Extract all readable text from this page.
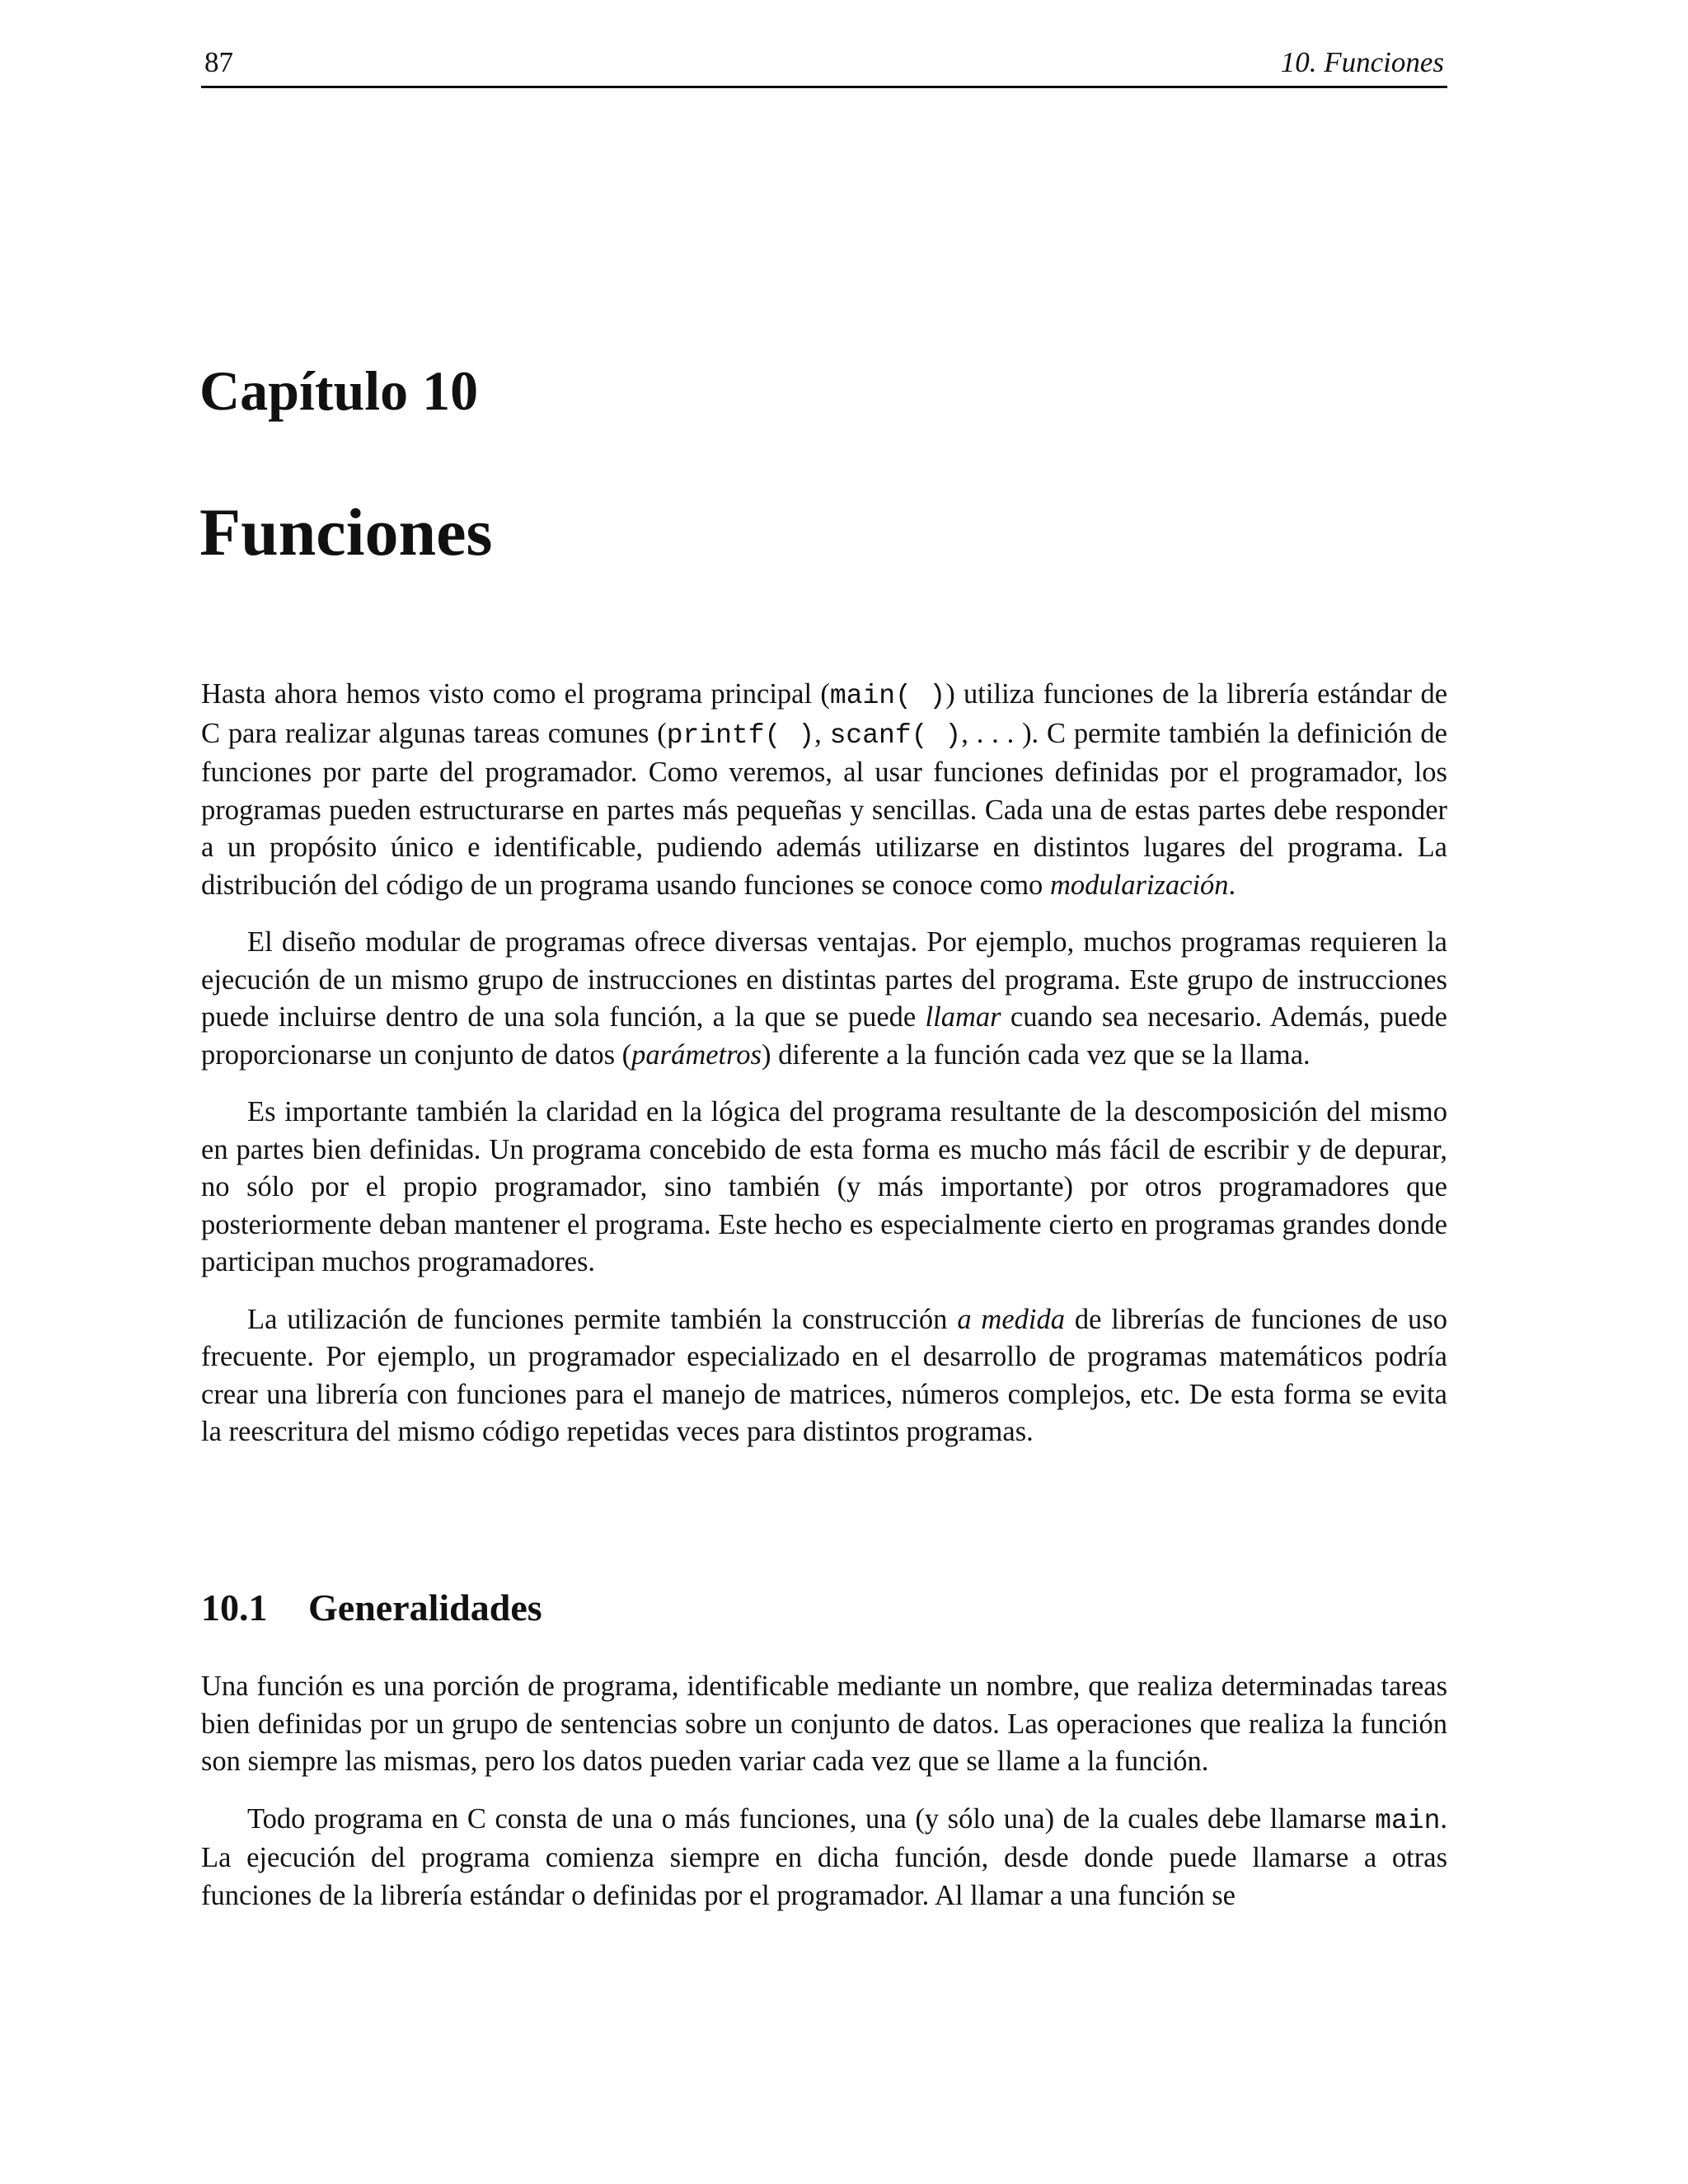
87	10. Funciones
Capítulo 10
Funciones

Hasta ahora hemos visto como el programa principal (main( )) utiliza funciones de la librería estándar de C para realizar algunas tareas comunes (printf( ), scanf( ), . . . ). C permite también la definición de funciones por parte del programador. Como veremos, al usar funciones definidas por el programador, los programas pueden estructurarse en partes más pequeñas y sencillas. Cada una de estas partes debe responder a un propósito único e identificable, pudiendo además utilizarse en distintos lugares del programa. La distribución del código de un programa usando funciones se conoce como modularización.

El diseño modular de programas ofrece diversas ventajas. Por ejemplo, muchos programas requieren la ejecución de un mismo grupo de instrucciones en distintas partes del programa. Este grupo de instrucciones puede incluirse dentro de una sola función, a la que se puede llamar cuando sea necesario. Además, puede proporcionarse un conjunto de datos (parámetros) diferente a la función cada vez que se la llama.

Es importante también la claridad en la lógica del programa resultante de la descomposición del mismo en partes bien definidas. Un programa concebido de esta forma es mucho más fácil de escribir y de depurar, no sólo por el propio programador, sino también (y más importante) por otros programadores que posteriormente deban mantener el programa. Este hecho es especialmente cierto en programas grandes donde participan muchos programadores.

La utilización de funciones permite también la construcción a medida de librerías de funciones de uso frecuente. Por ejemplo, un programador especializado en el desarrollo de programas matemáticos podría crear una librería con funciones para el manejo de matrices, números complejos, etc. De esta forma se evita la reescritura del mismo código repetidas veces para distintos programas.

10.1 Generalidades

Una función es una porción de programa, identificable mediante un nombre, que realiza determinadas tareas bien definidas por un grupo de sentencias sobre un conjunto de datos. Las operaciones que realiza la función son siempre las mismas, pero los datos pueden variar cada vez que se llame a la función.

Todo programa en C consta de una o más funciones, una (y sólo una) de la cuales debe llamarse main. La ejecución del programa comienza siempre en dicha función, desde donde puede llamarse a otras funciones de la librería estándar o definidas por el programador. Al llamar a una función se
